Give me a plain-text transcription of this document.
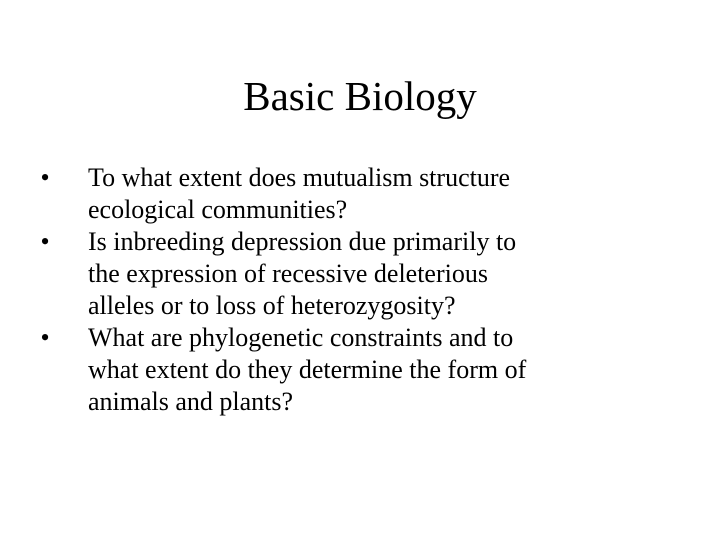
Basic Biology
•	To what extent does mutualism structure
ecological communities?
•	Is inbreeding depression due primarily to
the expression of recessive deleterious
alleles or to loss of heterozygosity?
•	What are phylogenetic constraints and to
what extent do they determine the form of
animals and plants?
